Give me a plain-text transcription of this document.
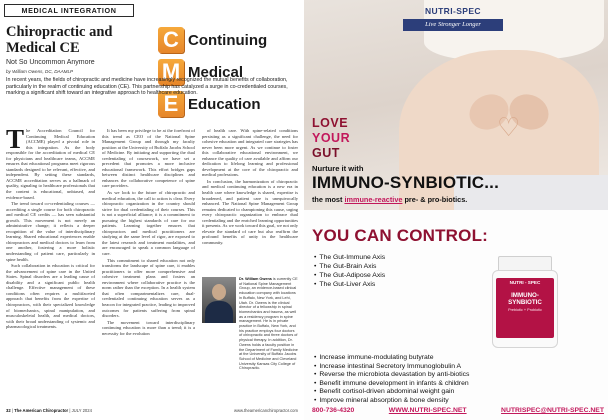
MEDICAL INTEGRATION
Chiropractic and Medical CE
Not So Uncommon Anymore
by William Owens, DC, DAAMLP
C Continuing
M Medical
E Education
In recent years, the fields of chiropractic and medicine have increasingly recognized the mutual benefits of collaboration, particularly in the realm of continuing education (CE). This partnership has catalyzed a surge in co-credentialed courses, marking a significant shift toward an integrative approach to healthcare education.

The Accreditation Council for Continuing Medical Education (ACCME) played a pivotal role in this integration. As the body responsible for the accreditation of medical CE for physicians and healthcare teams, ACCME ensures that educational programs meet rigorous standards designed to be relevant, effective, and independent. By setting these standards, ACCME accreditation serves as a hallmark of quality, signaling to healthcare professionals that the content is educational, unbiased, and evidence-based.

The trend toward co-credentialing courses — accrediting a single course for both chiropractic and medical CE credits — has seen substantial growth. This movement is not merely an administrative change; it reflects a deeper recognition of the value of interdisciplinary learning. Shared educational experiences enable chiropractors and medical doctors to learn from one another, fostering a more holistic understanding of patient care, particularly in spine health.

Such collaboration in education is critical for the advancement of spine care in the United States. Spinal disorders are a leading cause of disability and a significant public health challenge. Effective management of these conditions often requires a multifaceted approach that benefits from the expertise of chiropractors, with their specialized knowledge of biomechanics, spinal manipulation, and musculoskeletal health, and medical doctors, with their broad understanding of systemic and pharmacological treatments.

It has been my privilege to be at the forefront of this trend as CEO of the National Spine Management Group and through my faculty position at the University of Buffalo Jacobs School of Medicine. By initiating and supporting the dual credentialing of coursework, we have set a precedent that promotes a more inclusive educational framework. This effort bridges gaps between distinct healthcare disciplines and enhances the collaborative competence of spine care providers.

As we look to the future of chiropractic and medical education, the call to action is clear. Every chiropractic organization in the country should strive for dual credentialing of their courses. This is not a superficial alliance; it is a commitment to pursuing the highest standards of care for our patients. Learning together ensures that chiropractors and medical practitioners are studying at the same level of rigor, are exposed to the latest research and treatment modalities, and are encouraged to speak a common language of care.

This commitment to shared education not only transforms the landscape of spine care, it enables practitioners to offer more comprehensive and cohesive treatment plans and fosters an environment where collaborative practice is the norm rather than the exception. In a health system that often compartmentalizes care, dual-credentialed continuing education serves as a beacon for integrated practice, leading to improved outcomes for patients suffering from spinal disorders.

The movement toward interdisciplinary continuing education is more than a trend; it is a necessity for the evolution

of health care. With spine-related conditions persisting as a significant challenge, the need for cohesive education and integrated care strategies has never been more urgent. As we continue to foster this collaborative educational environment, we enhance the quality of care available and affirm our dedication to lifelong learning and professional development at the core of the chiropractic and medical professions.

In conclusion, the harmonization of chiropractic and medical continuing education is a new era in health care where knowledge is shared, expertise is broadened, and patient care is unequivocally enhanced. The National Spine Management Group remains dedicated to championing this cause, urging every chiropractic organization to embrace dual credentialing and the enriched learning opportunities it presents. As we work toward this goal, we not only elevate the standard of care but also reaffirm the profound benefits of unity in the healthcare community.

Dr. William Owens is currently CE of National Spine Management Group, an evidence-based clinical education company with locations in Buffalo, New York, and Lehi, Utah. Dr. Owens is the clinical director of a fellowship in spinal biomechanics and trauma, as well as a residency program in spine management. He is in private practice in Buffalo, New York, and his practice employs four doctors of chiropractic and three doctors of physical therapy. In addition, Dr. Owens holds a faculty position in the Department of Family Medicine at the University of Buffalo Jacobs School of Medicine and Cleveland University Kansas City College of Chiropractic.
32 | The American Chiropractor | JULY 2024	www.theamericanchiropractor.com
♡
NUTRI-SPEC
Live Stronger Longer
LOVE
YOUR
GUT
Nurture it with
IMMUNO-SYNBIOTIC...
the most immune-reactive pre- & pro-biotics.
YOU CAN CONTROL:
• The Gut-Immune Axis
• The Gut-Brain Axis
• The Gut-Adipose Axis
• The Gut-Liver Axis	NUTRI - SPEC
IMMUNO-SYNBIOTIC
Prebiotic + Probiotic
• Increase immune-modulating butyrate
• Increase intestinal Secretory Immunoglobulin A
• Reverse the microbiota devastation by anti-biotics
• Benefit immune development in infants & children
• Benefit cortisol-driven abdominal weight gain
• Improve mineral absorption & bone density
800-736-4320	WWW.NUTRI-SPEC.NET	NUTRISPEC@NUTRI-SPEC.NET
